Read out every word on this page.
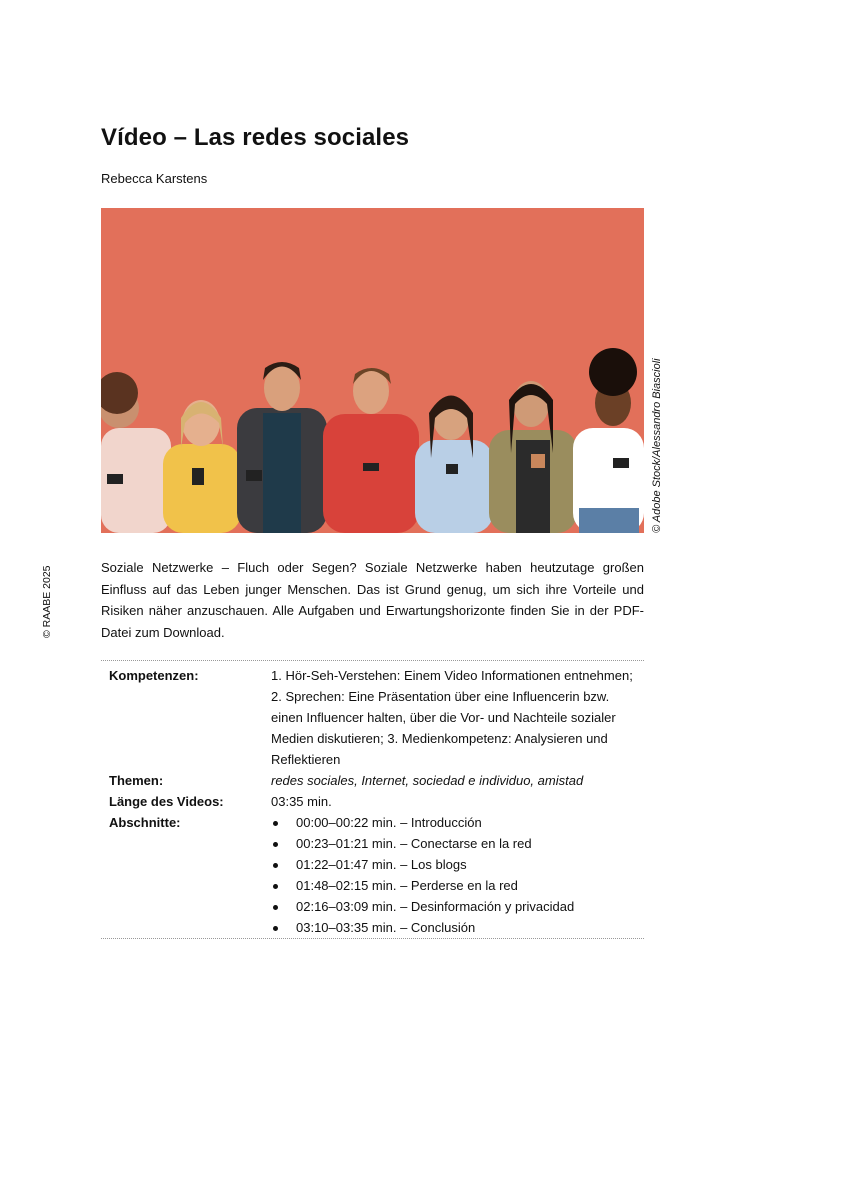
Vídeo – Las redes sociales
Rebecca Karstens
© Adobe Stock/Alessandro Biascioli
© RAABE 2025	Soziale Netzwerke – Fluch oder Segen? Soziale Netzwerke haben heutzutage großen Einfluss auf das Leben junger Menschen. Das ist Grund genug, um sich ihre Vorteile und Risiken näher anzuschauen. Alle Aufgaben und Erwartungshorizonte finden Sie in der PDF-Datei zum Download.

Kompetenzen:	1. Hör-Seh-Verstehen: Einem Video Informationen entnehmen; 2. Sprechen: Eine Präsentation über eine Influencerin bzw. einen Influencer halten, über die Vor- und Nachteile sozialer Medien diskutieren; 3. Medienkompetenz: Analysieren und Reflektieren
Themen:	redes sociales, Internet, sociedad e individuo, amistad
Länge des Videos:	03:35 min.
Abschnitte:	00:00–00:22 min. – Introducción
00:23–01:21 min. – Conectarse en la red
01:22–01:47 min. – Los blogs
01:48–02:15 min. – Perderse en la red
02:16–03:09 min. – Desinformación y privacidad
03:10–03:35 min. – Conclusión
